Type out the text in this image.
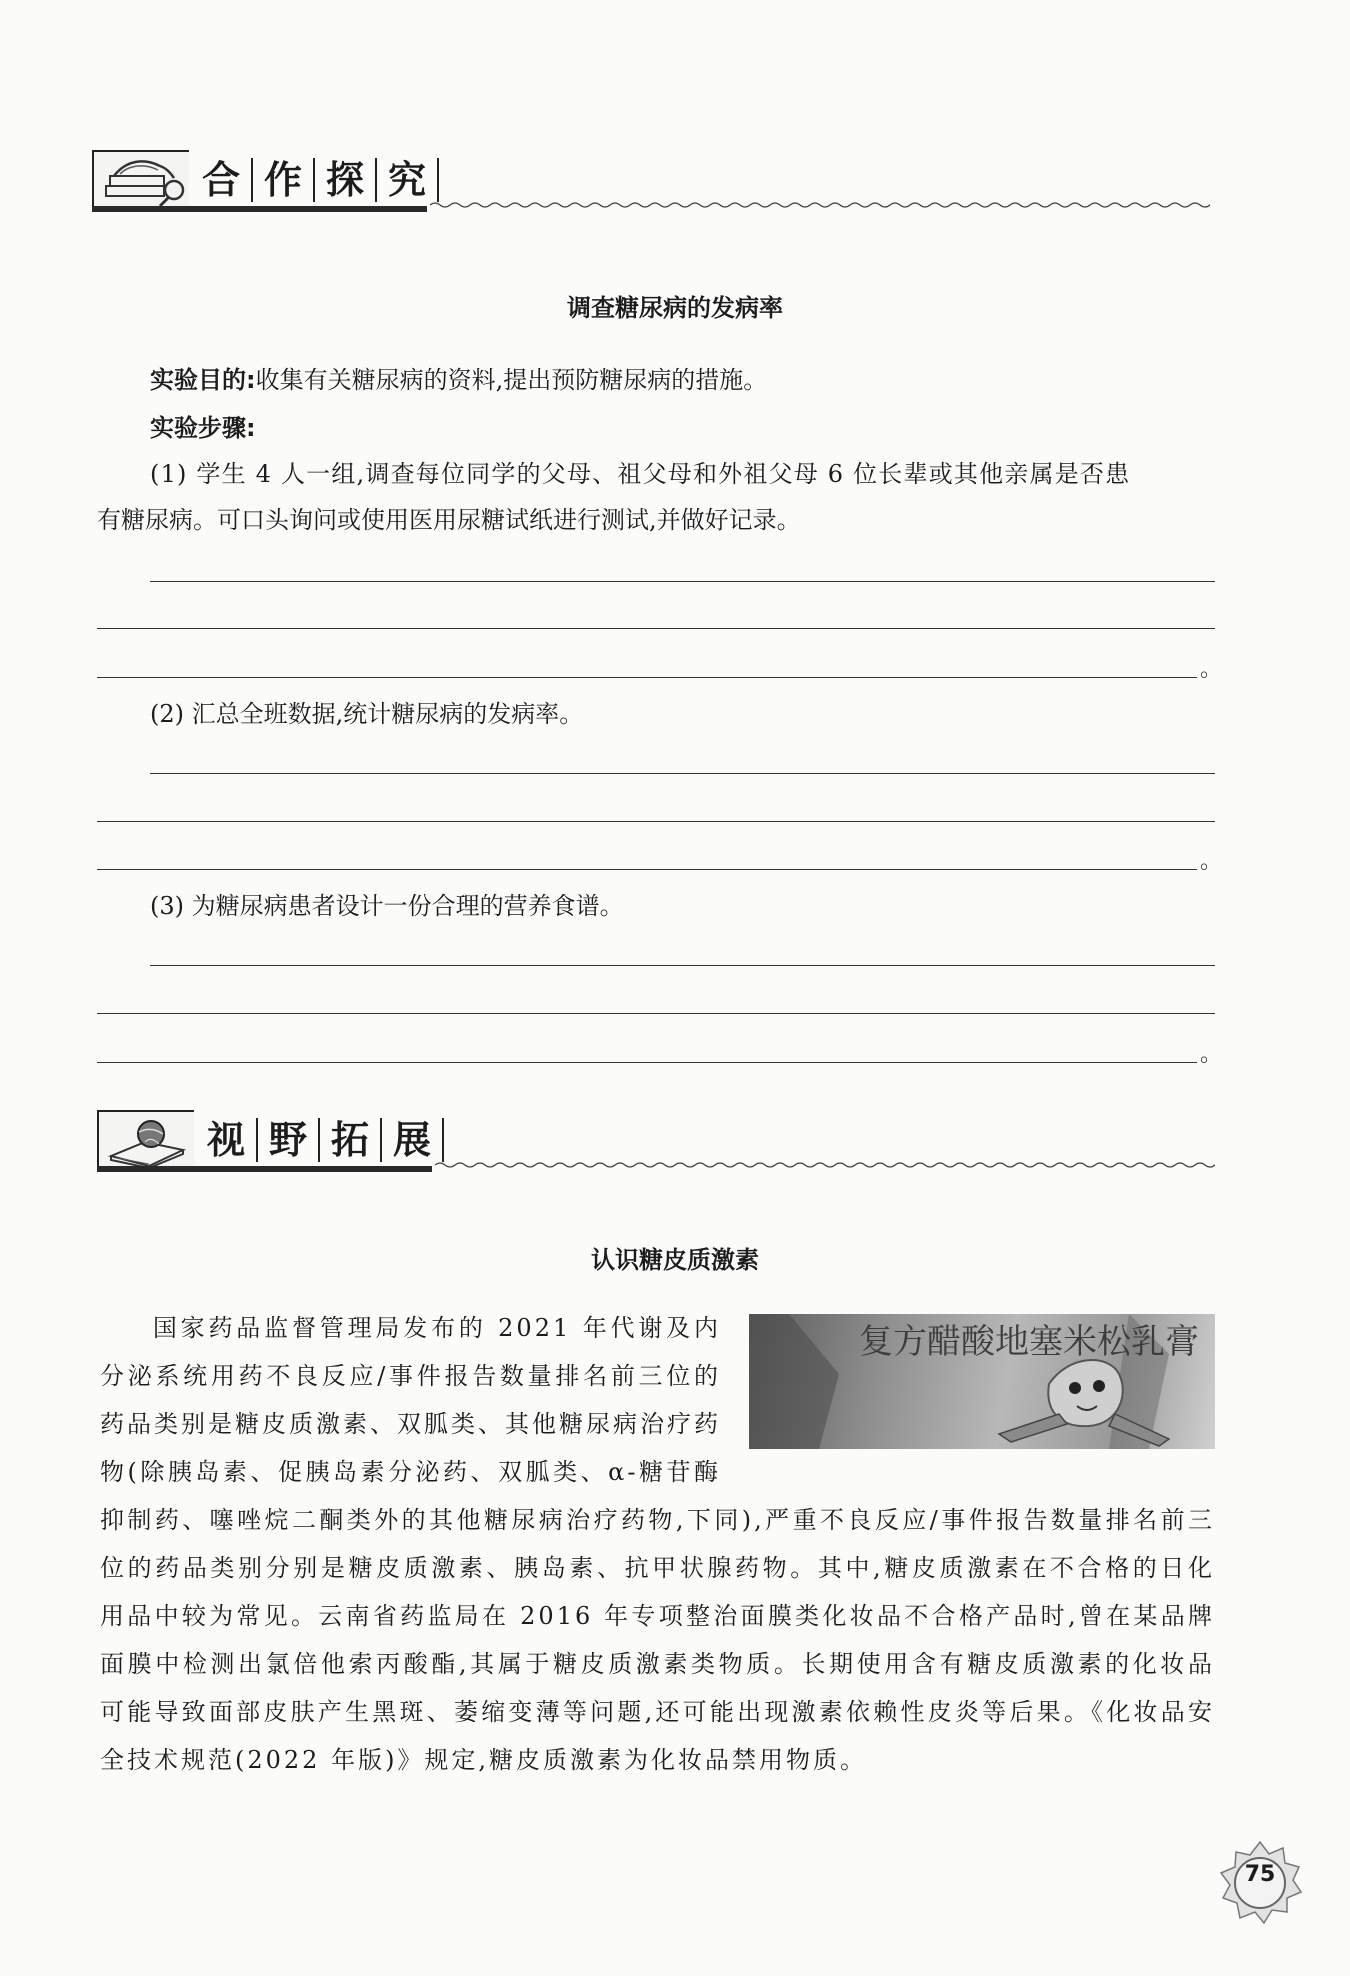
合 作 探 究
调查糖尿病的发病率
实验目的:收集有关糖尿病的资料,提出预防糖尿病的措施。
实验步骤:
(1) 学生 4 人一组,调查每位同学的父母、祖父母和外祖父母 6 位长辈或其他亲属是否患
有糖尿病。可口头询问或使用医用尿糖试纸进行测试,并做好记录。
。
(2) 汇总全班数据,统计糖尿病的发病率。
。
(3) 为糖尿病患者设计一份合理的营养食谱。
。
视 野 拓 展
认识糖皮质激素
复方醋酸地塞米松乳膏
国家药品监督管理局发布的 2021 年代谢及内分泌系统用药不良反应/事件报告数量排名前三位的药品类别是糖皮质激素、双胍类、其他糖尿病治疗药物(除胰岛素、促胰岛素分泌药、双胍类、α-糖苷酶抑制药、噻唑烷二酮类外的其他糖尿病治疗药物,下同),严重不良反应/事件报告数量排名前三位的药品类别分别是糖皮质激素、胰岛素、抗甲状腺药物。其中,糖皮质激素在不合格的日化用品中较为常见。云南省药监局在 2016 年专项整治面膜类化妆品不合格产品时,曾在某品牌面膜中检测出氯倍他索丙酸酯,其属于糖皮质激素类物质。长期使用含有糖皮质激素的化妆品可能导致面部皮肤产生黑斑、萎缩变薄等问题,还可能出现激素依赖性皮炎等后果。《化妆品安全技术规范(2022 年版)》规定,糖皮质激素为化妆品禁用物质。
75
